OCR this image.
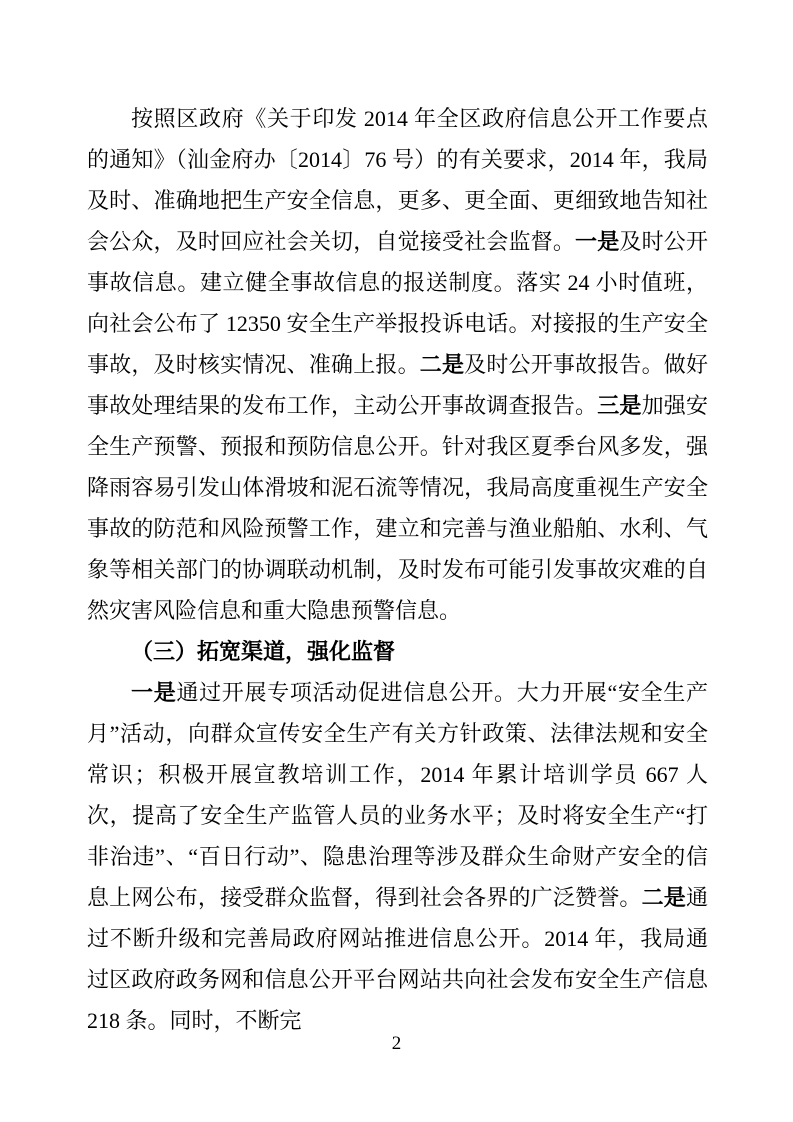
按照区政府《关于印发 2014 年全区政府信息公开工作要点的通知》（汕金府办〔2014〕76 号）的有关要求，2014 年，我局及时、准确地把生产安全信息，更多、更全面、更细致地告知社会公众，及时回应社会关切，自觉接受社会监督。一是及时公开事故信息。建立健全事故信息的报送制度。落实 24 小时值班，向社会公布了 12350 安全生产举报投诉电话。对接报的生产安全事故，及时核实情况、准确上报。二是及时公开事故报告。做好事故处理结果的发布工作，主动公开事故调查报告。三是加强安全生产预警、预报和预防信息公开。针对我区夏季台风多发，强降雨容易引发山体滑坡和泥石流等情况，我局高度重视生产安全事故的防范和风险预警工作，建立和完善与渔业船舶、水利、气象等相关部门的协调联动机制，及时发布可能引发事故灾难的自然灾害风险信息和重大隐患预警信息。

（三）拓宽渠道，强化监督

一是通过开展专项活动促进信息公开。大力开展“安全生产月”活动，向群众宣传安全生产有关方针政策、法律法规和安全常识；积极开展宣教培训工作，2014 年累计培训学员 667 人次，提高了安全生产监管人员的业务水平；及时将安全生产“打非治违”、“百日行动”、隐患治理等涉及群众生命财产安全的信息上网公布，接受群众监督，得到社会各界的广泛赞誉。二是通过不断升级和完善局政府网站推进信息公开。2014 年，我局通过区政府政务网和信息公开平台网站共向社会发布安全生产信息 218 条。同时，不断完

2
